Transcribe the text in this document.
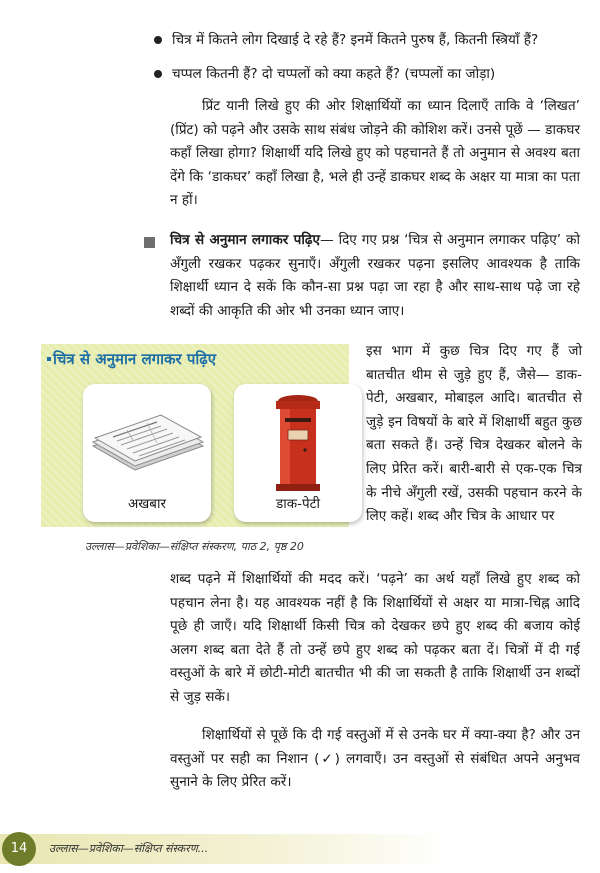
चित्र में कितने लोग दिखाई दे रहे हैं? इनमें कितने पुरुष हैं, कितनी स्त्रियाँ हैं?
चप्पल कितनी हैं? दो चप्पलों को क्या कहते हैं? (चप्पलों का जोड़ा)

प्रिंट यानी लिखे हुए की ओर शिक्षार्थियों का ध्यान दिलाएँ ताकि वे ‘लिखत’ (प्रिंट) को पढ़ने और उसके साथ संबंध जोड़ने की कोशिश करें। उनसे पूछें — डाकघर कहाँ लिखा होगा? शिक्षार्थी यदि लिखे हुए को पहचानते हैं तो अनुमान से अवश्य बता देंगे कि ‘डाकघर’ कहाँ लिखा है, भले ही उन्हें डाकघर शब्द के अक्षर या मात्रा का पता न हों।

चित्र से अनुमान लगाकर पढ़िए— दिए गए प्रश्न ‘चित्र से अनुमान लगाकर पढ़िए’ को अँगुली रखकर पढ़कर सुनाएँ। अँगुली रखकर पढ़ना इसलिए आवश्यक है ताकि शिक्षार्थी ध्यान दे सकें कि कौन-सा प्रश्न पढ़ा जा रहा है और साथ-साथ पढ़े जा रहे शब्दों की आकृति की ओर भी उनका ध्यान जाए।

चित्र से अनुमान लगाकर पढ़िए
अखबार	डाक-पेटी
उल्लास—प्रवेशिका—संक्षिप्त संस्करण, पाठ 2, पृष्ठ 20

इस भाग में कुछ चित्र दिए गए हैं जो बातचीत थीम से जुड़े हुए हैं, जैसे— डाक-पेटी, अखबार, मोबाइल आदि। बातचीत से जुड़े इन विषयों के बारे में शिक्षार्थी बहुत कुछ बता सकते हैं। उन्हें चित्र देखकर बोलने के लिए प्रेरित करें। बारी-बारी से एक-एक चित्र के नीचे अँगुली रखें, उसकी पहचान करने के लिए कहें। शब्द और चित्र के आधार पर

शब्द पढ़ने में शिक्षार्थियों की मदद करें। ‘पढ़ने’ का अर्थ यहाँ लिखे हुए शब्द को पहचान लेना है। यह आवश्यक नहीं है कि शिक्षार्थियों से अक्षर या मात्रा-चिह्न आदि पूछे ही जाएँ। यदि शिक्षार्थी किसी चित्र को देखकर छपे हुए शब्द की बजाय कोई अलग शब्द बता देते हैं तो उन्हें छपे हुए शब्द को पढ़कर बता दें। चित्रों में दी गई वस्तुओं के बारे में छोटी-मोटी बातचीत भी की जा सकती है ताकि शिक्षार्थी उन शब्दों से जुड़ सकें।

शिक्षार्थियों से पूछें कि दी गई वस्तुओं में से उनके घर में क्या-क्या है? और उन वस्तुओं पर सही का निशान (✓) लगवाएँ। उन वस्तुओं से संबंधित अपने अनुभव सुनाने के लिए प्रेरित करें।

14	उल्लास—प्रवेशिका—संक्षिप्त संस्करण...
